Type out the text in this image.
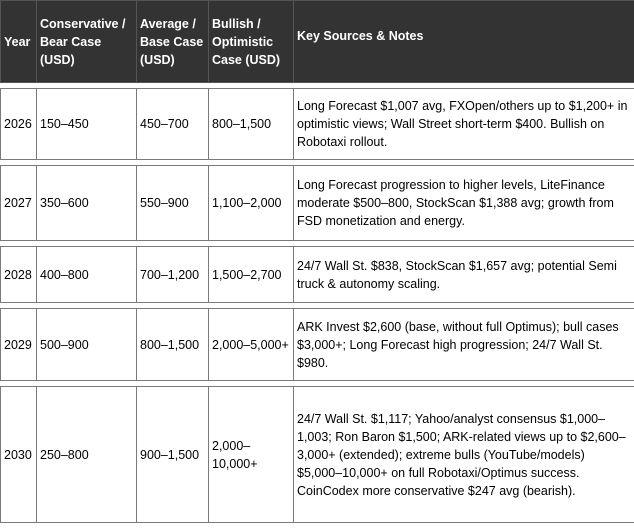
Year	Conservative / Bear Case (USD)	Average / Base Case (USD)	Bullish / Optimistic Case (USD)	Key Sources & Notes

2026	150–450	450–700	800–1,500	Long Forecast $1,007 avg, FXOpen/others up to $1,200+ in optimistic views; Wall Street short-term $400. Bullish on Robotaxi rollout.

2027	350–600	550–900	1,100–2,000	Long Forecast progression to higher levels, LiteFinance moderate $500–800, StockScan $1,388 avg; growth from FSD monetization and energy.

2028	400–800	700–1,200	1,500–2,700	24/7 Wall St. $838, StockScan $1,657 avg; potential Semi truck & autonomy scaling.

2029	500–900	800–1,500	2,000–5,000+	ARK Invest $2,600 (base, without full Optimus); bull cases $3,000+; Long Forecast high progression; 24/7 Wall St. $980.

2030	250–800	900–1,500	2,000–10,000+	24/7 Wall St. $1,117; Yahoo/analyst consensus $1,000–1,003; Ron Baron $1,500; ARK-related views up to $2,600–3,000+ (extended); extreme bulls (YouTube/models) $5,000–10,000+ on full Robotaxi/Optimus success. CoinCodex more conservative $247 avg (bearish).
